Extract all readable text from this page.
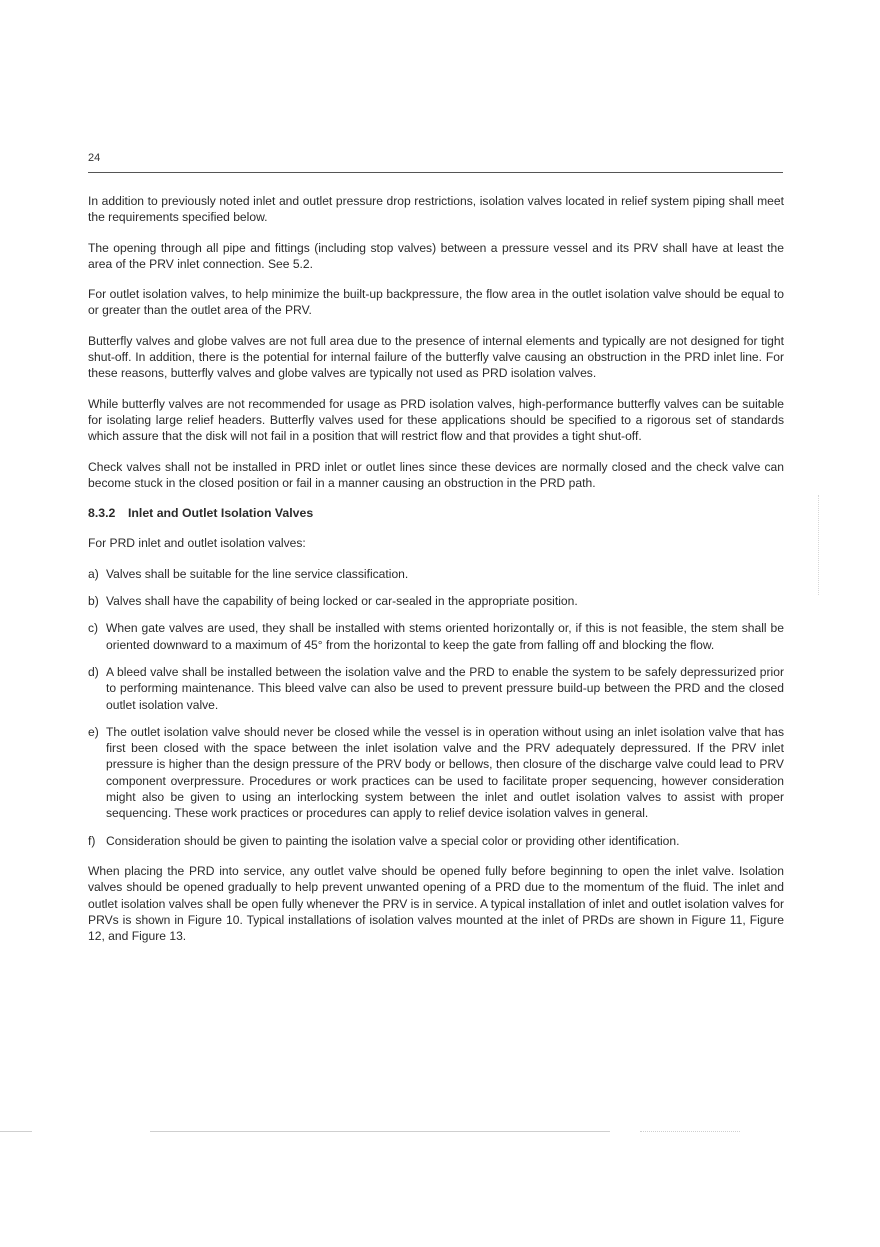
24

In addition to previously noted inlet and outlet pressure drop restrictions, isolation valves located in relief system piping shall meet the requirements specified below.

The opening through all pipe and fittings (including stop valves) between a pressure vessel and its PRV shall have at least the area of the PRV inlet connection. See 5.2.

For outlet isolation valves, to help minimize the built-up backpressure, the flow area in the outlet isolation valve should be equal to or greater than the outlet area of the PRV.

Butterfly valves and globe valves are not full area due to the presence of internal elements and typically are not designed for tight shut-off. In addition, there is the potential for internal failure of the butterfly valve causing an obstruction in the PRD inlet line. For these reasons, butterfly valves and globe valves are typically not used as PRD isolation valves.

While butterfly valves are not recommended for usage as PRD isolation valves, high-performance butterfly valves can be suitable for isolating large relief headers. Butterfly valves used for these applications should be specified to a rigorous set of standards which assure that the disk will not fail in a position that will restrict flow and that provides a tight shut-off.

Check valves shall not be installed in PRD inlet or outlet lines since these devices are normally closed and the check valve can become stuck in the closed position or fail in a manner causing an obstruction in the PRD path.

8.3.2 Inlet and Outlet Isolation Valves

For PRD inlet and outlet isolation valves:

a) Valves shall be suitable for the line service classification.
b) Valves shall have the capability of being locked or car-sealed in the appropriate position.
c) When gate valves are used, they shall be installed with stems oriented horizontally or, if this is not feasible, the stem shall be oriented downward to a maximum of 45° from the horizontal to keep the gate from falling off and blocking the flow.
d) A bleed valve shall be installed between the isolation valve and the PRD to enable the system to be safely depressurized prior to performing maintenance. This bleed valve can also be used to prevent pressure build-up between the PRD and the closed outlet isolation valve.
e) The outlet isolation valve should never be closed while the vessel is in operation without using an inlet isolation valve that has first been closed with the space between the inlet isolation valve and the PRV adequately depressured. If the PRV inlet pressure is higher than the design pressure of the PRV body or bellows, then closure of the discharge valve could lead to PRV component overpressure. Procedures or work practices can be used to facilitate proper sequencing, however consideration might also be given to using an interlocking system between the inlet and outlet isolation valves to assist with proper sequencing. These work practices or procedures can apply to relief device isolation valves in general.
f) Consideration should be given to painting the isolation valve a special color or providing other identification.

When placing the PRD into service, any outlet valve should be opened fully before beginning to open the inlet valve. Isolation valves should be opened gradually to help prevent unwanted opening of a PRD due to the momentum of the fluid. The inlet and outlet isolation valves shall be open fully whenever the PRV is in service. A typical installation of inlet and outlet isolation valves for PRVs is shown in Figure 10. Typical installations of isolation valves mounted at the inlet of PRDs are shown in Figure 11, Figure 12, and Figure 13.
